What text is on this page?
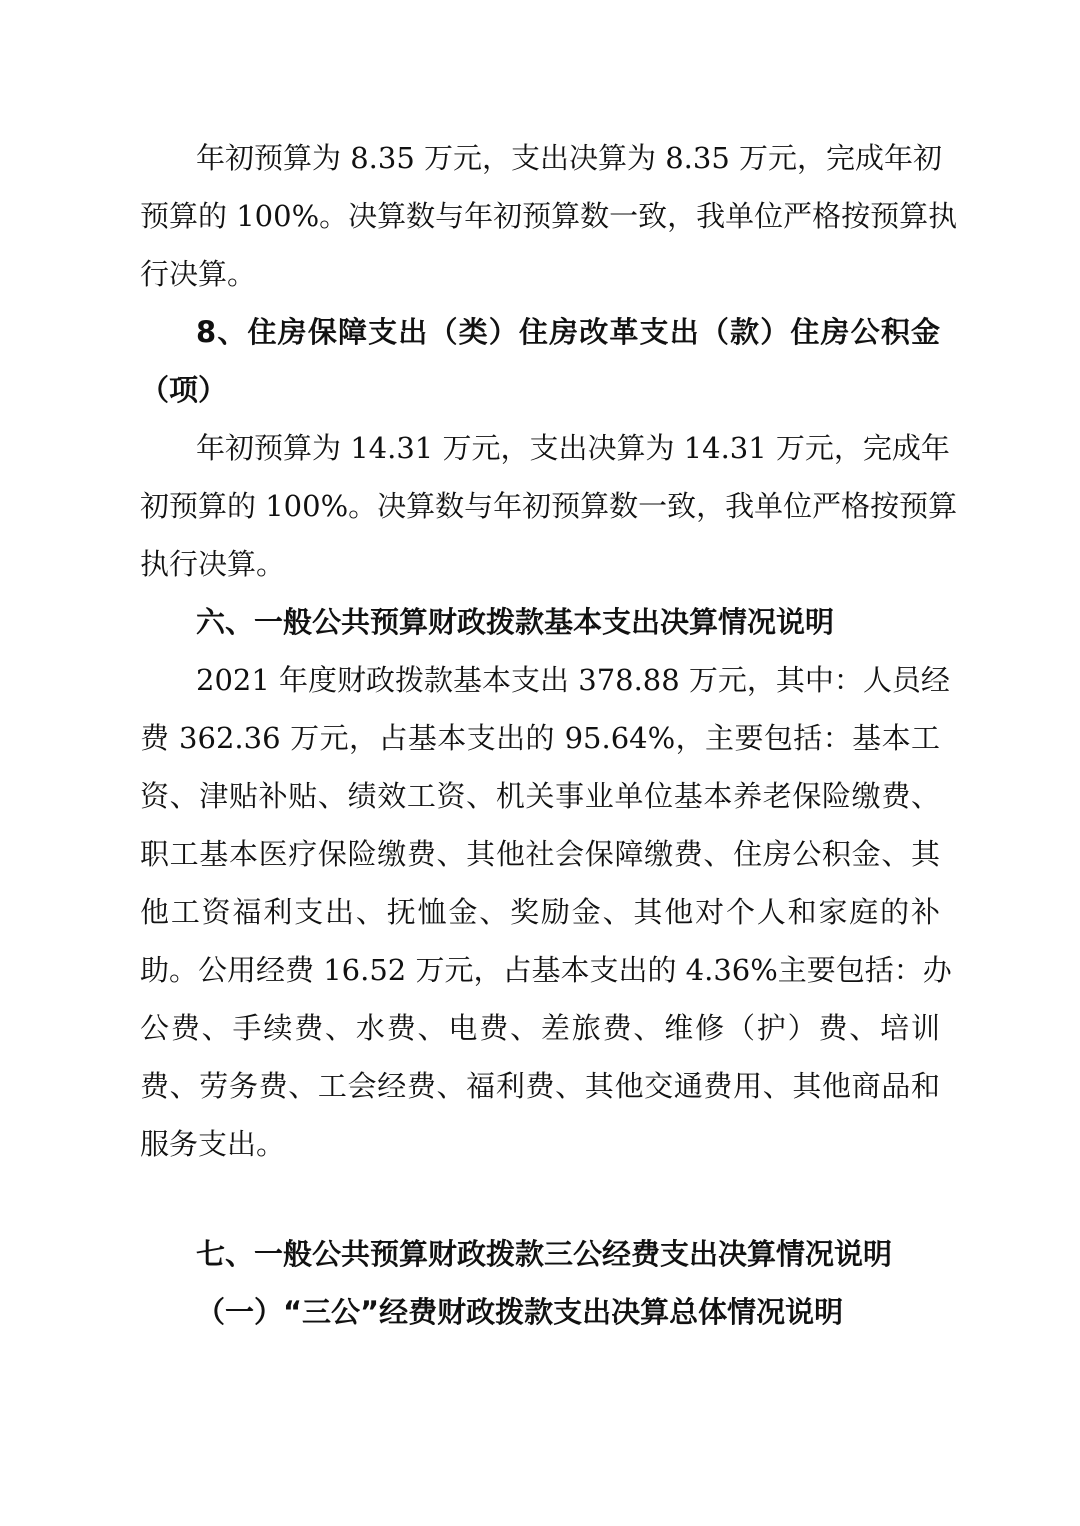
年初预算为 8.35 万元，支出决算为 8.35 万元，完成年初
预算的 100%。决算数与年初预算数一致，我单位严格按预算执
行决算。
8、住房保障支出（类）住房改革支出（款）住房公积金
（项）
年初预算为 14.31 万元，支出决算为 14.31 万元，完成年
初预算的 100%。决算数与年初预算数一致，我单位严格按预算
执行决算。
六、一般公共预算财政拨款基本支出决算情况说明
2021 年度财政拨款基本支出 378.88 万元，其中：人员经
费 362.36 万元，占基本支出的 95.64%，主要包括：基本工
资、津贴补贴、绩效工资、机关事业单位基本养老保险缴费、
职工基本医疗保险缴费、其他社会保障缴费、住房公积金、其
他工资福利支出、抚恤金、奖励金、其他对个人和家庭的补
助。公用经费 16.52 万元，占基本支出的 4.36%主要包括：办
公费、手续费、水费、电费、差旅费、维修（护）费、培训
费、劳务费、工会经费、福利费、其他交通费用、其他商品和
服务支出。
七、一般公共预算财政拨款三公经费支出决算情况说明
（一）“三公”经费财政拨款支出决算总体情况说明
